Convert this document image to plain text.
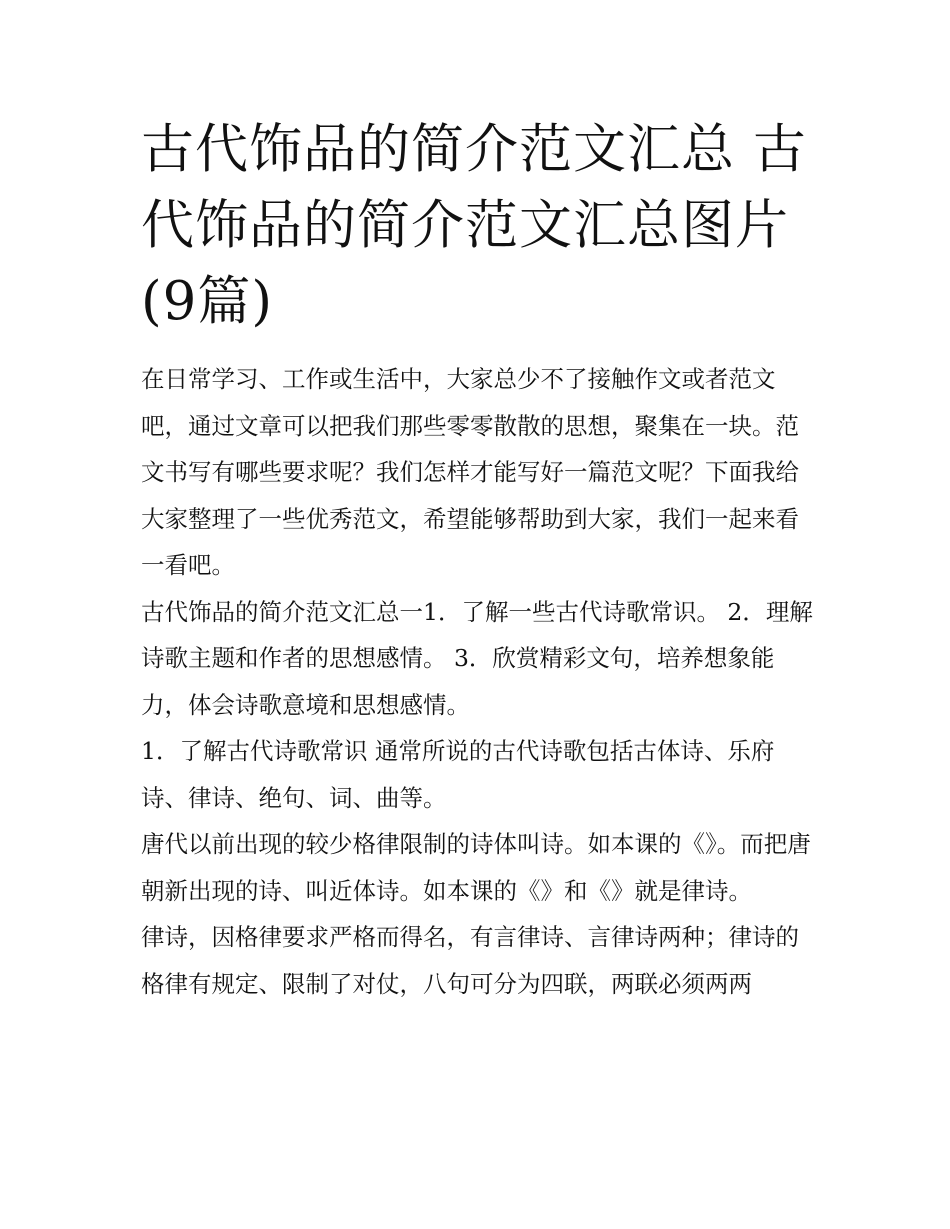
古代饰品的简介范文汇总 古代饰品的简介范文汇总图片(9篇)

在日常学习、工作或生活中，大家总少不了接触作文或者范文吧，通过文章可以把我们那些零零散散的思想，聚集在一块。范文书写有哪些要求呢？我们怎样才能写好一篇范文呢？下面我给大家整理了一些优秀范文，希望能够帮助到大家，我们一起来看一看吧。

古代饰品的简介范文汇总一1．了解一些古代诗歌常识。 2．理解诗歌主题和作者的思想感情。 3．欣赏精彩文句，培养想象能力，体会诗歌意境和思想感情。

1．了解古代诗歌常识 通常所说的古代诗歌包括古体诗、乐府诗、律诗、绝句、词、曲等。

唐代以前出现的较少格律限制的诗体叫诗。如本课的《》。而把唐朝新出现的诗、叫近体诗。如本课的《》和《》就是律诗。

律诗，因格律要求严格而得名，有言律诗、言律诗两种；律诗的格律有规定、限制了对仗，八句可分为四联，两联必须两两
